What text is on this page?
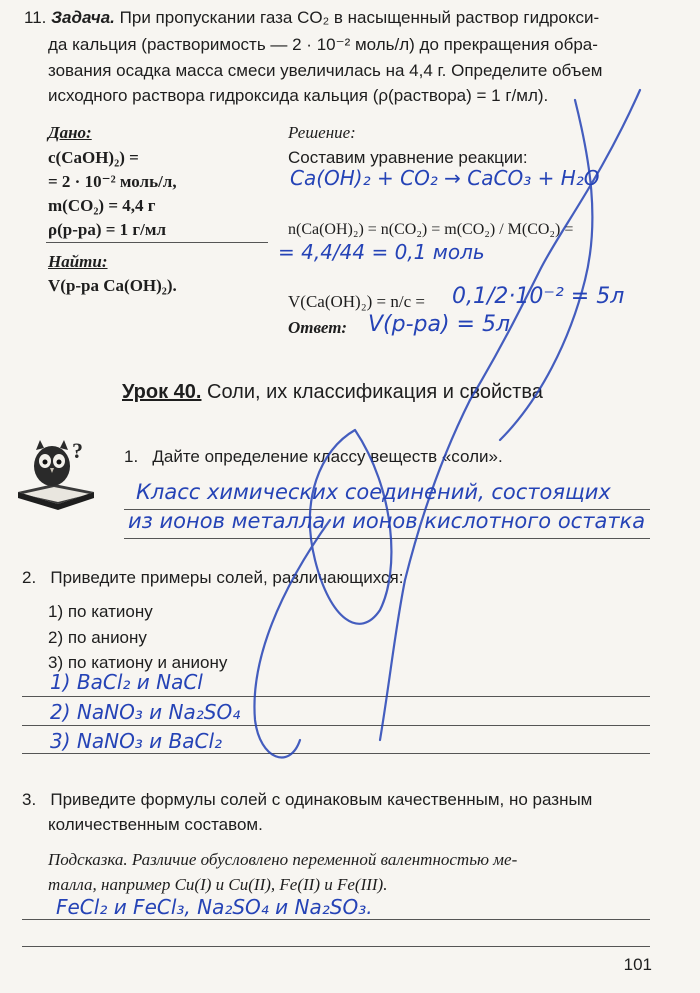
11. Задача. При пропускании газа CO₂ в насыщенный раствор гидрокси-
да кальция (растворимость — 2 · 10⁻² моль/л) до прекращения обра-
зования осадка масса смеси увеличилась на 4,4 г. Определите объем
исходного раствора гидроксида кальция (ρ(раствора) = 1 г/мл).
Дано:
c(CaOH)₂) =
= 2 · 10⁻² моль/л,
m(CO₂) = 4,4 г
ρ(р-ра) = 1 г/мл
Найти:
V(р-ра Ca(OH)₂).
Решение:
Составим уравнение реакции:
n(Ca(OH)₂) = n(CO₂) = m(CO₂) / M(CO₂) =
V(Ca(OH)₂) = n/c =
Ответ:
Ca(OH)₂ + CO₂ → CaCO₃ + H₂O
= 4,4/44 = 0,1 моль
0,1/2·10⁻² = 5л
V(р-ра) = 5л
Урок 40. Соли, их классификация и свойства
? 1. Дайте определение классу веществ «соли».
Класс химических соединений, состоящих
из ионов металла и ионов кислотного остатка
2. Приведите примеры солей, различающихся:
1) по катиону
2) по аниону
3) по катиону и аниону
1) BaCl₂ и NaCl
2) NaNO₃ и Na₂SO₄
3) NaNO₃ и BaCl₂
3. Приведите формулы солей с одинаковым качественным, но разным
количественным составом.
Подсказка. Различие обусловлено переменной валентностью ме-
талла, например Cu(I) и Cu(II), Fe(II) и Fe(III).
FeCl₂ и FeCl₃, Na₂SO₄ и Na₂SO₃.
101
